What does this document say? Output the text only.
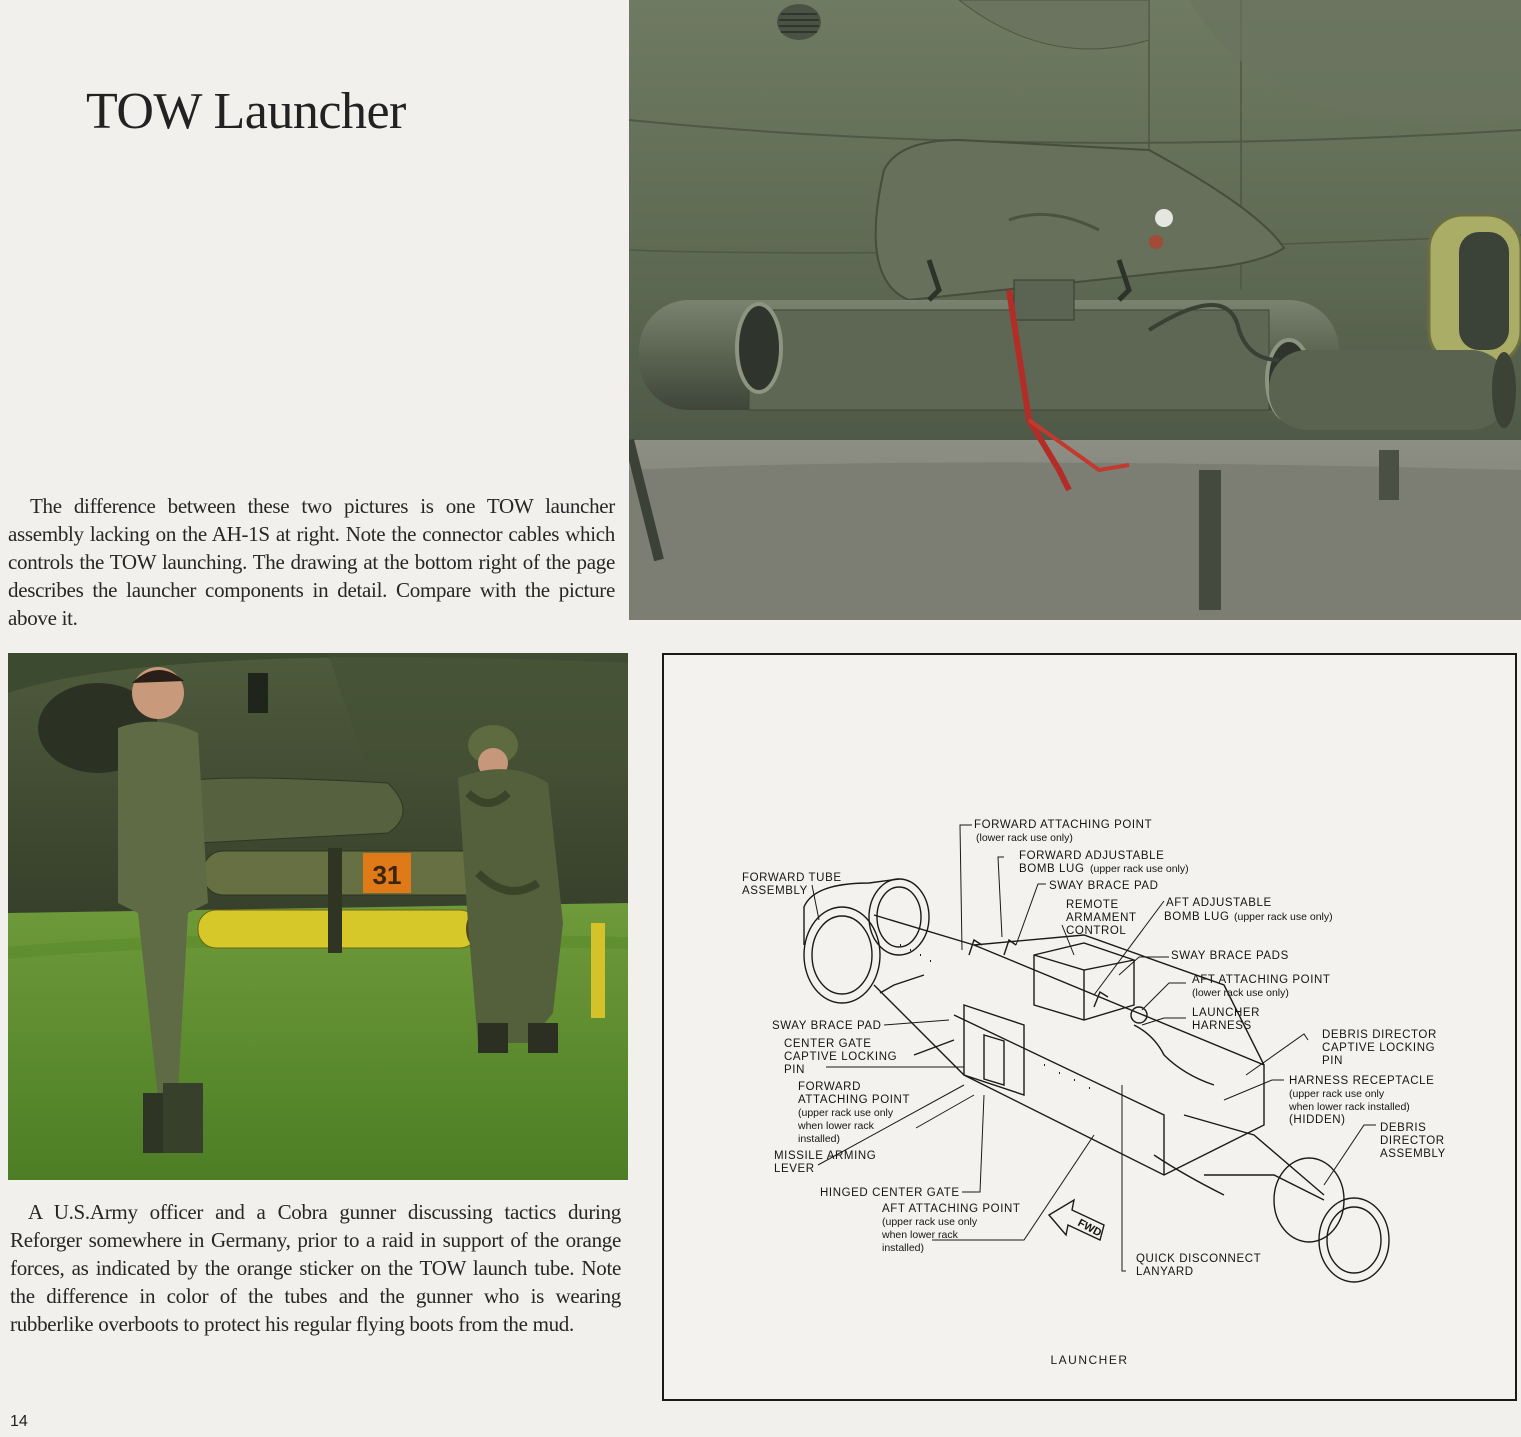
TOW Launcher

The difference between these two pictures is one TOW launcher assembly lacking on the AH-1S at right. Note the connector cables which controls the TOW launching. The drawing at the bottom right of the page describes the launcher components in detail. Compare with the picture above it.

31

A U.S.Army officer and a Cobra gunner discussing tactics during Reforger somewhere in Germany, prior to a raid in support of the orange forces, as indicated by the orange sticker on the TOW launch tube. Note the difference in color of the tubes and the gunner who is wearing rubberlike overboots to protect his regular flying boots from the mud.

14
FORWARD ATTACHING POINT
(lower rack use only)
FORWARD ADJUSTABLE
BOMB LUG (upper rack use only)
SWAY BRACE PAD
FORWARD TUBE
ASSEMBLY
REMOTE
ARMAMENT
CONTROL
AFT ADJUSTABLE
BOMB LUG (upper rack use only)
SWAY BRACE PADS
AFT ATTACHING POINT
(lower rack use only)
LAUNCHER
HARNESS
SWAY BRACE PAD
CENTER GATE
CAPTIVE LOCKING
PIN
DEBRIS DIRECTOR
CAPTIVE LOCKING
PIN
FORWARD
ATTACHING POINT
(upper rack use only
when lower rack
installed)
HARNESS RECEPTACLE
(upper rack use only
when lower rack installed)
(HIDDEN)
DEBRIS
DIRECTOR
ASSEMBLY
MISSILE ARMING
LEVER
HINGED CENTER GATE
AFT ATTACHING POINT
(upper rack use only
when lower rack
installed)
QUICK DISCONNECT
LANYARD
FWD
LAUNCHER
